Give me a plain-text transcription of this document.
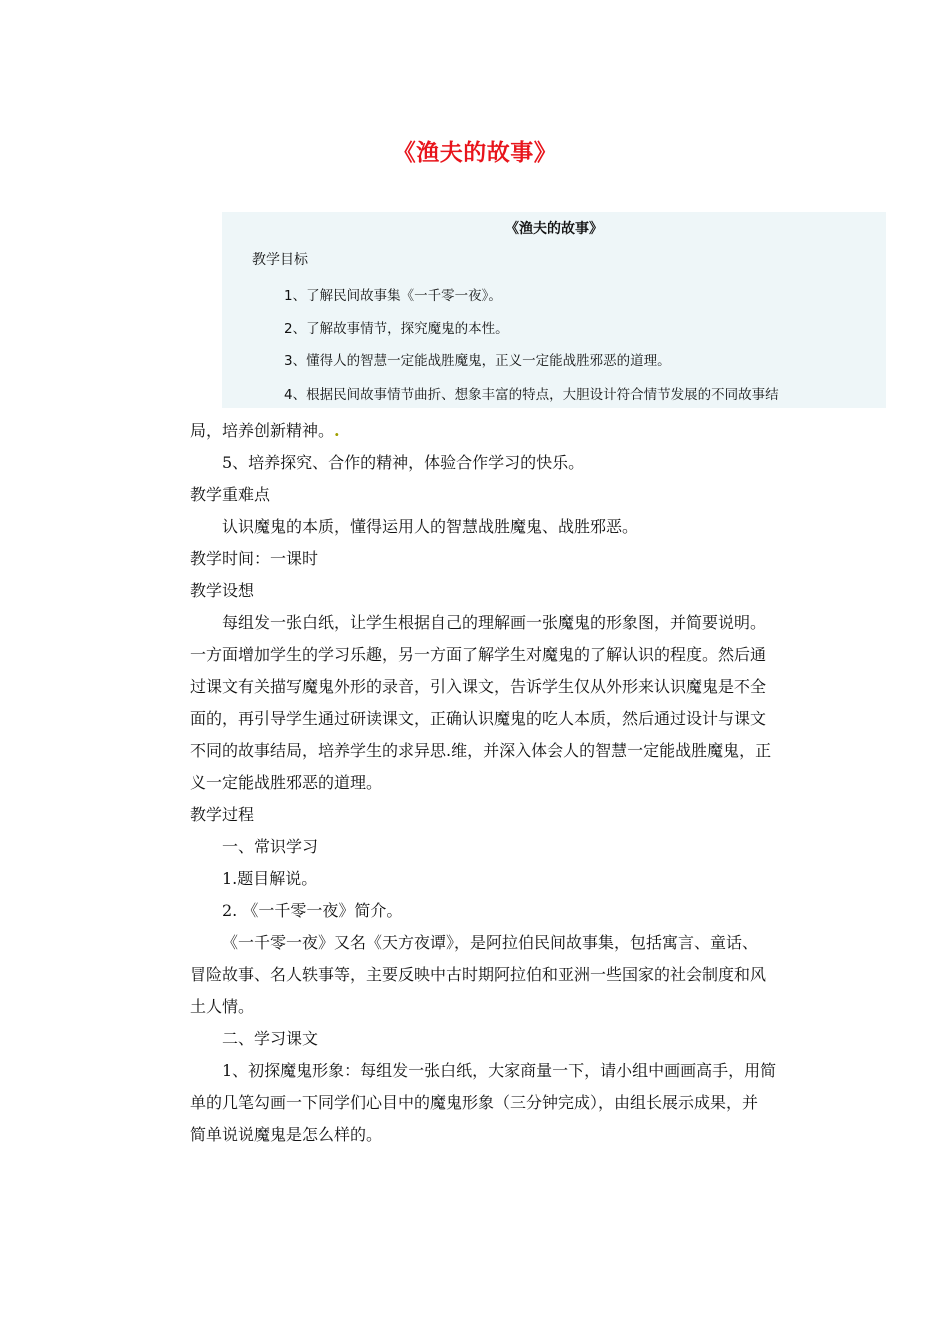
《渔夫的故事》
《渔夫的故事》
教学目标
1、了解民间故事集《一千零一夜》。
2、了解故事情节，探究魔鬼的本性。
3、懂得人的智慧一定能战胜魔鬼，正义一定能战胜邪恶的道理。
4、根据民间故事情节曲折、想象丰富的特点，大胆设计符合情节发展的不同故事结
局，培养创新精神。.
5、培养探究、合作的精神，体验合作学习的快乐。
教学重难点
认识魔鬼的本质，懂得运用人的智慧战胜魔鬼、战胜邪恶。
教学时间：一课时
教学设想
每组发一张白纸，让学生根据自己的理解画一张魔鬼的形象图，并简要说明。
一方面增加学生的学习乐趣，另一方面了解学生对魔鬼的了解认识的程度。然后通
过课文有关描写魔鬼外形的录音，引入课文，告诉学生仅从外形来认识魔鬼是不全
面的，再引导学生通过研读课文，正确认识魔鬼的吃人本质，然后通过设计与课文
不同的故事结局，培养学生的求异思.维，并深入体会人的智慧一定能战胜魔鬼，正
义一定能战胜邪恶的道理。
教学过程
一、常识学习
1.题目解说。
2. 《一千零一夜》简介。
《一千零一夜》又名《天方夜谭》，是阿拉伯民间故事集，包括寓言、童话、
冒险故事、名人轶事等，主要反映中古时期阿拉伯和亚洲一些国家的社会制度和风
土人情。
二、学习课文
1、初探魔鬼形象：每组发一张白纸，大家商量一下，请小组中画画高手，用简
单的几笔勾画一下同学们心目中的魔鬼形象（三分钟完成），由组长展示成果，并
简单说说魔鬼是怎么样的。
